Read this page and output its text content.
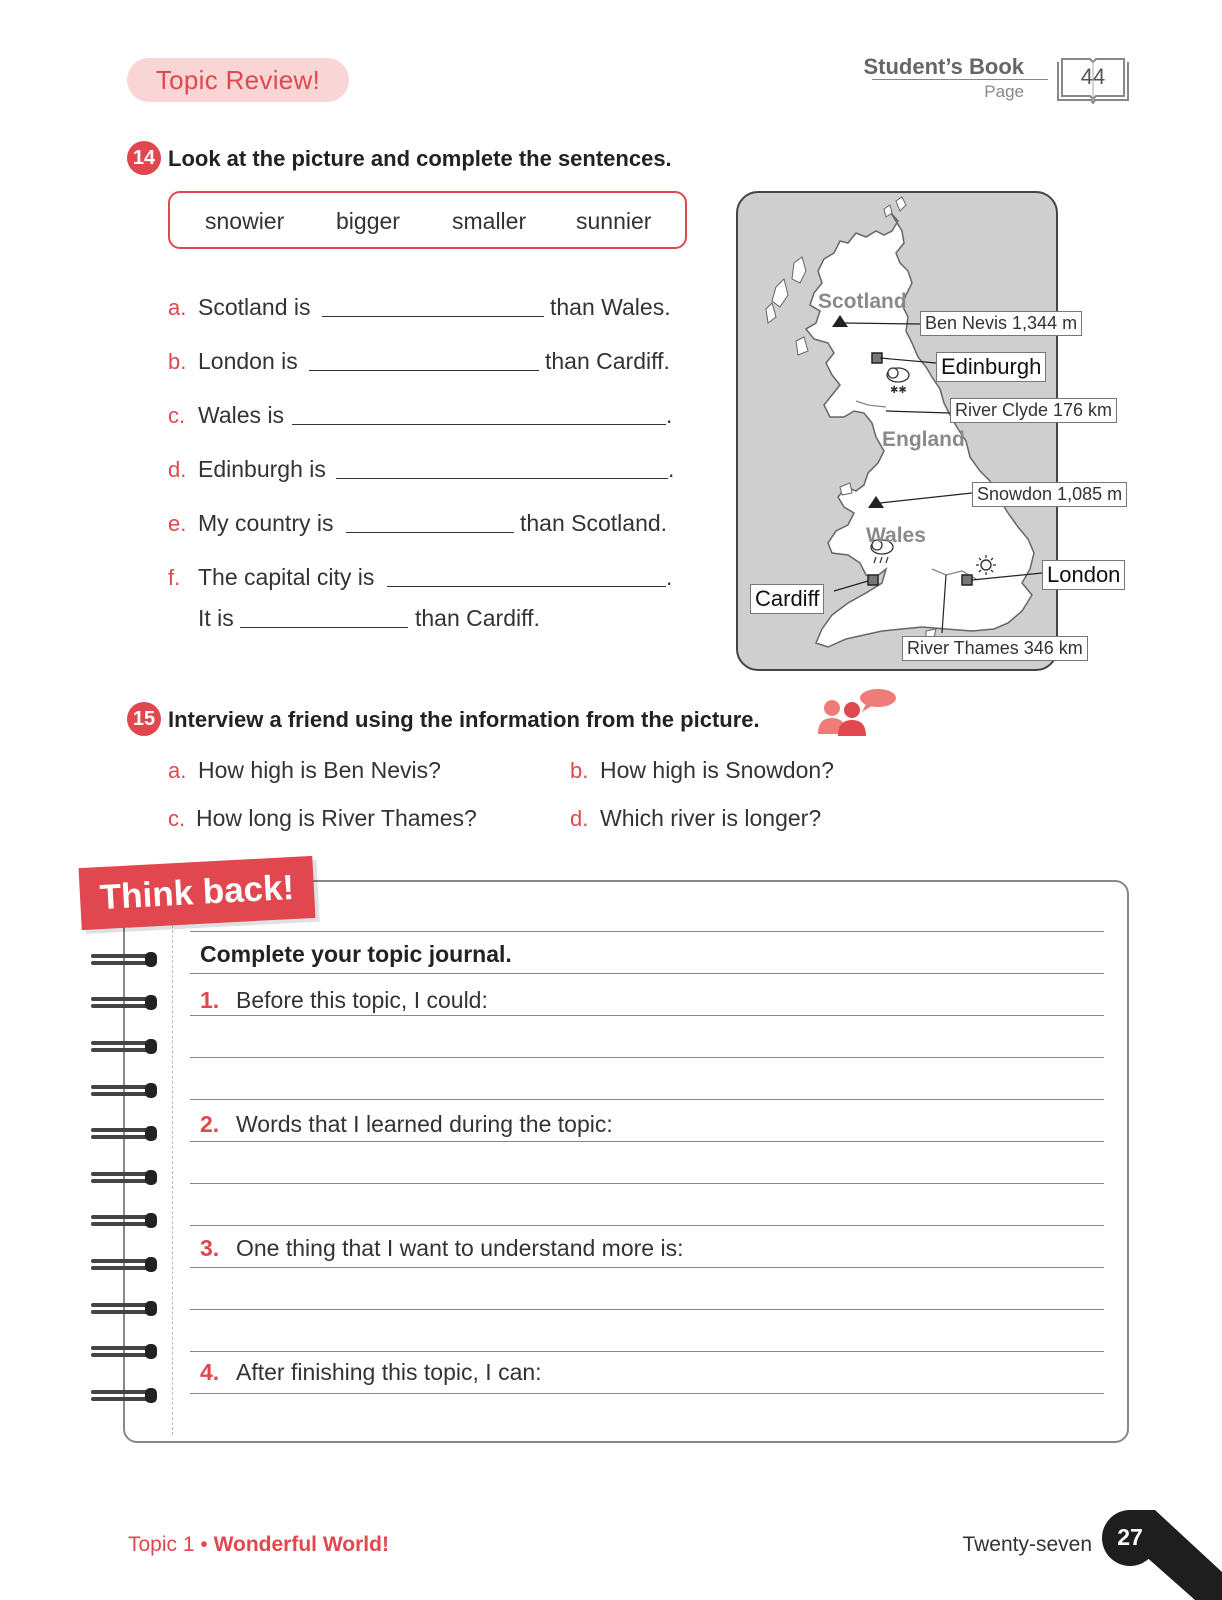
Topic Review!	Student’s Book
Page
44
14 Look at the picture and complete the sentences.
snowier bigger smaller sunnier
a. Scotland is	than Wales.
b. London is	than Cardiff.
c. Wales is	.
d. Edinburgh is	.
e. My country is	than Scotland.
f. The capital city is	.
It is	than Cardiff.
✱✱
Scotland
England
Wales
Ben Nevis 1,344 m
Edinburgh
River Clyde 176 km
Snowdon 1,085 m
London
Cardiff
River Thames 346 km
15 Interview a friend using the information from the picture.
a. How high is Ben Nevis?	b. How high is Snowdon?
c. How long is River Thames?	d. Which river is longer?
Think back!
Complete your topic journal.
1. Before this topic, I could:
2. Words that I learned during the topic:
3. One thing that I want to understand more is:
4. After finishing this topic, I can:
Topic 1 • Wonderful World!	Twenty-seven	27
